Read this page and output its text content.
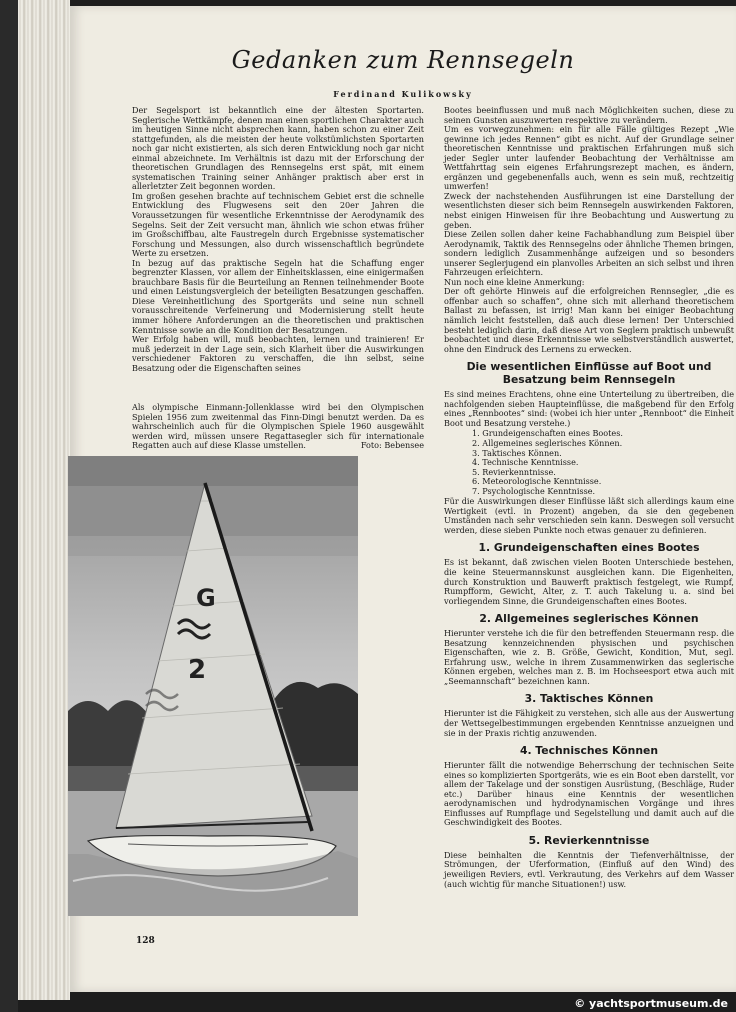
Gedanken zum Rennsegeln
Ferdinand Kulikowsky

Der Segelsport ist bekanntlich eine der ältesten Sportarten. Seglerische Wettkämpfe, denen man einen sportlichen Charakter auch im heutigen Sinne nicht absprechen kann, haben schon zu einer Zeit stattgefunden, als die meisten der heute volkstümlichsten Sportarten noch gar nicht existierten, als sich deren Entwicklung noch gar nicht einmal abzeichnete. Im Verhältnis ist dazu mit der Erforschung der theoretischen Grundlagen des Rennsegelns erst spät, mit einem systematischen Training seiner Anhänger praktisch aber erst in allerletzter Zeit begonnen worden.

Im großen gesehen brachte auf technischem Gebiet erst die schnelle Entwicklung des Flugwesens seit den 20er Jahren die Voraussetzungen für wesentliche Erkenntnisse der Aerodynamik des Segelns. Seit der Zeit versucht man, ähnlich wie schon etwas früher im Großschiffbau, alte Faustregeln durch Ergebnisse systematischer Forschung und Messungen, also durch wissenschaftlich begründete Werte zu ersetzen.

In bezug auf das praktische Segeln hat die Schaffung enger begrenzter Klassen, vor allem der Einheitsklassen, eine einigermaßen brauchbare Basis für die Beurteilung an Rennen teilnehmender Boote und einen Leistungsvergleich der beteiligten Besatzungen geschaffen. Diese Vereinheitlichung des Sportgeräts und seine nun schnell vorausschreitende Verfeinerung und Modernisierung stellt heute immer höhere Anforderungen an die theoretischen und praktischen Kenntnisse sowie an die Kondition der Besatzungen.

Wer Erfolg haben will, muß beobachten, lernen und trainieren! Er muß jederzeit in der Lage sein, sich Klarheit über die Auswirkungen verschiedener Faktoren zu verschaffen, die ihn selbst, seine Besatzung oder die Eigenschaften seines

Als olympische Einmann-Jollenklasse wird bei den Olympischen Spielen 1956 zum zweitenmal das Finn-Dingi benutzt werden. Da es wahrscheinlich auch für die Olympischen Spiele 1960 ausgewählt werden wird, müssen unsere Regattasegler sich für internationale Regatten auch auf diese Klasse umstellen.	Foto: Bebensee

Bootes beeinflussen und muß nach Möglichkeiten suchen, diese zu seinen Gunsten auszuwerten respektive zu verändern.

Um es vorwegzunehmen: ein für alle Fälle gültiges Rezept „Wie gewinne ich jedes Rennen“ gibt es nicht. Auf der Grundlage seiner theoretischen Kenntnisse und praktischen Erfahrungen muß sich jeder Segler unter laufender Beobachtung der Verhältnisse am Wettfahrttag sein eigenes Erfahrungsrezept machen, es ändern, ergänzen und gegebenenfalls auch, wenn es sein muß, rechtzeitig umwerfen!

Zweck der nachstehenden Ausführungen ist eine Darstellung der wesentlichsten dieser sich beim Rennsegeln auswirkenden Faktoren, nebst einigen Hinweisen für ihre Beobachtung und Auswertung zu geben.

Diese Zeilen sollen daher keine Fachabhandlung zum Beispiel über Aerodynamik, Taktik des Rennsegelns oder ähnliche Themen bringen, sondern lediglich Zusammenhänge aufzeigen und so besonders unserer Seglerjugend ein planvolles Arbeiten an sich selbst und ihren Fahrzeugen erleichtern.

Nun noch eine kleine Anmerkung:

Der oft gehörte Hinweis auf die erfolgreichen Rennsegler, „die es offenbar auch so schaffen“, ohne sich mit allerhand theoretischem Ballast zu befassen, ist irrig! Man kann bei einiger Beobachtung nämlich leicht feststellen, daß auch diese lernen! Der Unterschied besteht lediglich darin, daß diese Art von Seglern praktisch unbewußt beobachtet und diese Erkenntnisse wie selbstverständlich auswertet, ohne den Eindruck des Lernens zu erwecken.

Die wesentlichen Einflüsse auf Boot und Besatzung beim Rennsegeln

Es sind meines Erachtens, ohne eine Unterteilung zu übertreiben, die nachfolgenden sieben Haupteinflüsse, die maßgebend für den Erfolg eines „Rennbootes“ sind: (wobei ich hier unter „Rennboot“ die Einheit Boot und Besatzung verstehe.)

1. Grundeigenschaften eines Bootes.
2. Allgemeines seglerisches Können.
3. Taktisches Können.
4. Technische Kenntnisse.
5. Revierkenntnisse.
6. Meteorologische Kenntnisse.
7. Psychologische Kenntnisse.

Für die Auswirkungen dieser Einflüsse läßt sich allerdings kaum eine Wertigkeit (evtl. in Prozent) angeben, da sie den gegebenen Umständen nach sehr verschieden sein kann. Deswegen soll versucht werden, diese sieben Punkte noch etwas genauer zu definieren.

1. Grundeigenschaften eines Bootes

Es ist bekannt, daß zwischen vielen Booten Unterschiede bestehen, die keine Steuermannskunst ausgleichen kann. Die Eigenheiten, durch Konstruktion und Bauwerft praktisch festgelegt, wie Rumpf, Rumpfform, Gewicht, Alter, z. T. auch Takelung u. a. sind bei vorliegendem Sinne, die Grundeigenschaften eines Bootes.

2. Allgemeines seglerisches Können

Hierunter verstehe ich die für den betreffenden Steuermann resp. die Besatzung kennzeichnenden physischen und psychischen Eigenschaften, wie z. B. Größe, Gewicht, Kondition, Mut, segl. Erfahrung usw., welche in ihrem Zusammenwirken das seglerische Können ergeben, welches man z. B. im Hochseesport etwa auch mit „Seemannschaft“ bezeichnen kann.

3. Taktisches Können

Hierunter ist die Fähigkeit zu verstehen, sich alle aus der Auswertung der Wettsegelbestimmungen ergebenden Kenntnisse anzueignen und sie in der Praxis richtig anzuwenden.

4. Technisches Können

Hierunter fällt die notwendige Beherrschung der technischen Seite eines so komplizierten Sportgeräts, wie es ein Boot eben darstellt, vor allem der Takelage und der sonstigen Ausrüstung, (Beschläge, Ruder etc.) Darüber hinaus eine Kenntnis der wesentlichen aerodynamischen und hydrodynamischen Vorgänge und ihres Einflusses auf Rumpflage und Segelstellung und damit auch auf die Geschwindigkeit des Bootes.

5. Revierkenntnisse

Diese beinhalten die Kenntnis der Tiefenverhältnisse, der Strömungen, der Uferformation, (Einfluß auf den Wind) des jeweiligen Reviers, evtl. Verkrautung, des Verkehrs auf dem Wasser (auch wichtig für manche Situationen!) usw.

128
G
2
© yachtsportmuseum.de
